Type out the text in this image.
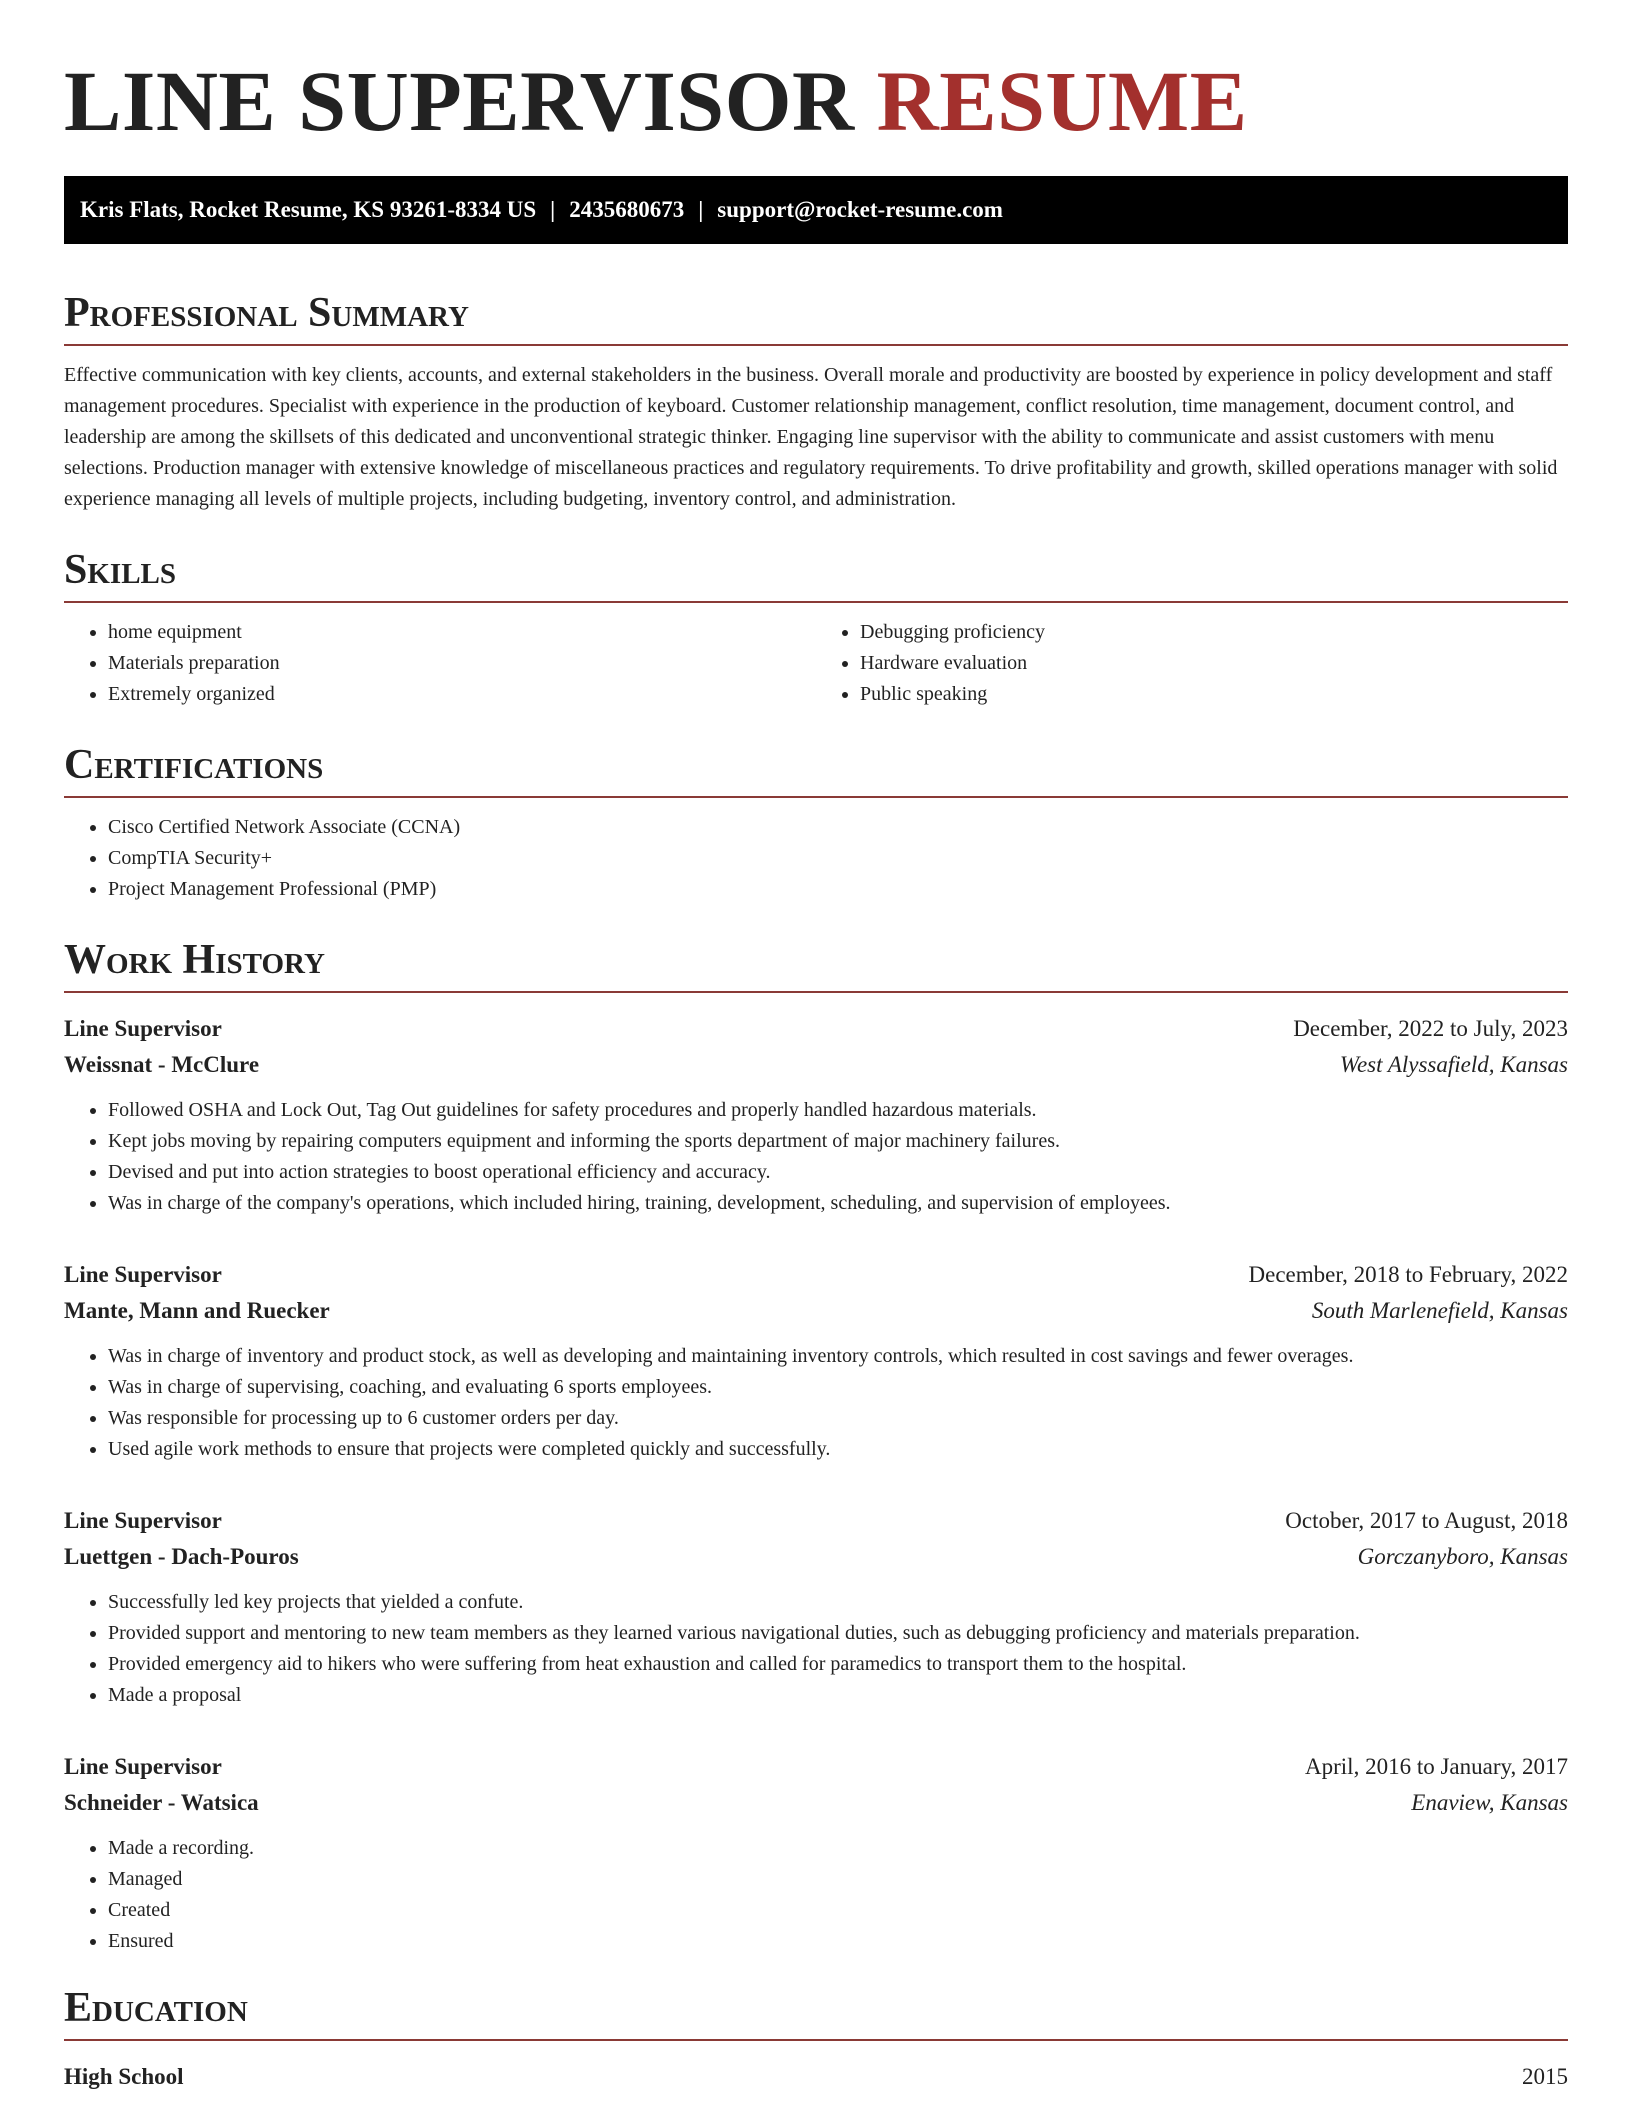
LINE SUPERVISOR RESUME
Kris Flats, Rocket Resume, KS 93261-8334 US | 2435680673 | support@rocket-resume.com
Professional Summary

Effective communication with key clients, accounts, and external stakeholders in the business. Overall morale and productivity are boosted by experience in policy development and staff management procedures. Specialist with experience in the production of keyboard. Customer relationship management, conflict resolution, time management, document control, and leadership are among the skillsets of this dedicated and unconventional strategic thinker. Engaging line supervisor with the ability to communicate and assist customers with menu selections. Production manager with extensive knowledge of miscellaneous practices and regulatory requirements. To drive profitability and growth, skilled operations manager with solid experience managing all levels of multiple projects, including budgeting, inventory control, and administration.

Skills
• home equipment
• Materials preparation
• Extremely organized
• Debugging proficiency
• Hardware evaluation
• Public speaking
Certifications
• Cisco Certified Network Associate (CCNA)
• CompTIA Security+
• Project Management Professional (PMP)
Work History
Line Supervisor	December, 2022 to July, 2023
Weissnat - McClure	West Alyssafield, Kansas
• Followed OSHA and Lock Out, Tag Out guidelines for safety procedures and properly handled hazardous materials.
• Kept jobs moving by repairing computers equipment and informing the sports department of major machinery failures.
• Devised and put into action strategies to boost operational efficiency and accuracy.
• Was in charge of the company's operations, which included hiring, training, development, scheduling, and supervision of employees.
Line Supervisor	December, 2018 to February, 2022
Mante, Mann and Ruecker	South Marlenefield, Kansas
• Was in charge of inventory and product stock, as well as developing and maintaining inventory controls, which resulted in cost savings and fewer overages.
• Was in charge of supervising, coaching, and evaluating 6 sports employees.
• Was responsible for processing up to 6 customer orders per day.
• Used agile work methods to ensure that projects were completed quickly and successfully.
Line Supervisor	October, 2017 to August, 2018
Luettgen - Dach-Pouros	Gorczanyboro, Kansas
• Successfully led key projects that yielded a confute.
• Provided support and mentoring to new team members as they learned various navigational duties, such as debugging proficiency and materials preparation.
• Provided emergency aid to hikers who were suffering from heat exhaustion and called for paramedics to transport them to the hospital.
• Made a proposal
Line Supervisor	April, 2016 to January, 2017
Schneider - Watsica	Enaview, Kansas
• Made a recording.
• Managed
• Created
• Ensured
Education
High School	2015
